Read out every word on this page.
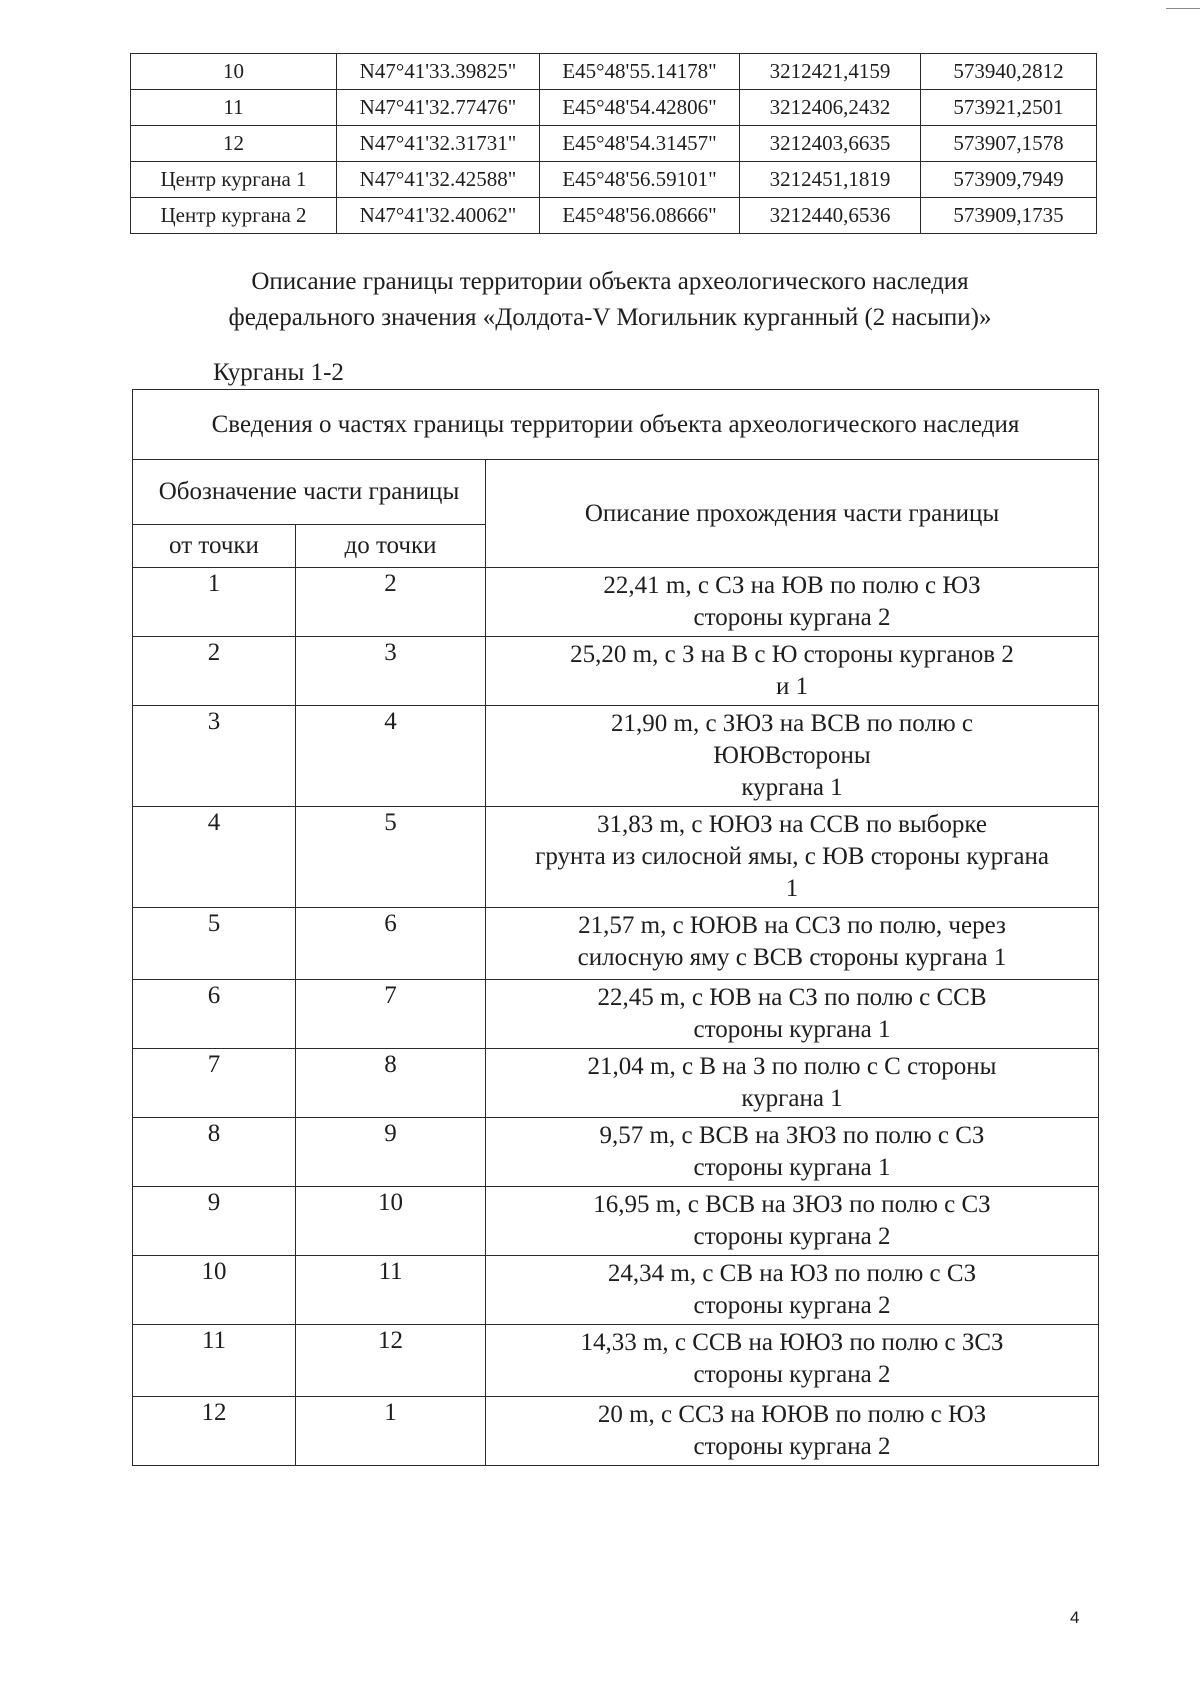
10	N47°41'33.39825"	E45°48'55.14178"	3212421,4159	573940,2812
11	N47°41'32.77476"	E45°48'54.42806"	3212406,2432	573921,2501
12	N47°41'32.31731"	E45°48'54.31457"	3212403,6635	573907,1578
Центр кургана 1	N47°41'32.42588"	E45°48'56.59101"	3212451,1819	573909,7949
Центр кургана 2	N47°41'32.40062"	E45°48'56.08666"	3212440,6536	573909,1735

Описание границы территории объекта археологического наследия
федерального значения «Долдота-V Могильник курганный (2 насыпи)»

Курганы 1-2

Сведения о частях границы территории объекта археологического наследия		
Обозначение части границы		Описание прохождения части границы
от точки	до точки	
1	2	22,41 m, с СЗ на ЮВ по полю с ЮЗ
стороны кургана 2
2	3	25,20 m, с З на В с Ю стороны курганов 2
и 1
3	4	21,90 m, с ЗЮЗ на ВСВ по полю с
ЮЮВстороны
кургана 1
4	5	31,83 m, с ЮЮЗ на ССВ по выборке
грунта из силосной ямы, с ЮВ стороны кургана
1
5	6	21,57 m, с ЮЮВ на ССЗ по полю, через
силосную яму с ВСВ стороны кургана 1
6	7	22,45 m, с ЮВ на СЗ по полю с ССВ
стороны кургана 1
7	8	21,04 m, с В на З по полю с С стороны
кургана 1
8	9	9,57 m, с ВСВ на ЗЮЗ по полю с СЗ
стороны кургана 1
9	10	16,95 m, с ВСВ на ЗЮЗ по полю с СЗ
стороны кургана 2
10	11	24,34 m, с СВ на ЮЗ по полю с СЗ
стороны кургана 2
11	12	14,33 m, с ССВ на ЮЮЗ по полю с ЗСЗ
стороны кургана 2
12	1	20 m, с ССЗ на ЮЮВ по полю с ЮЗ
стороны кургана 2
4
